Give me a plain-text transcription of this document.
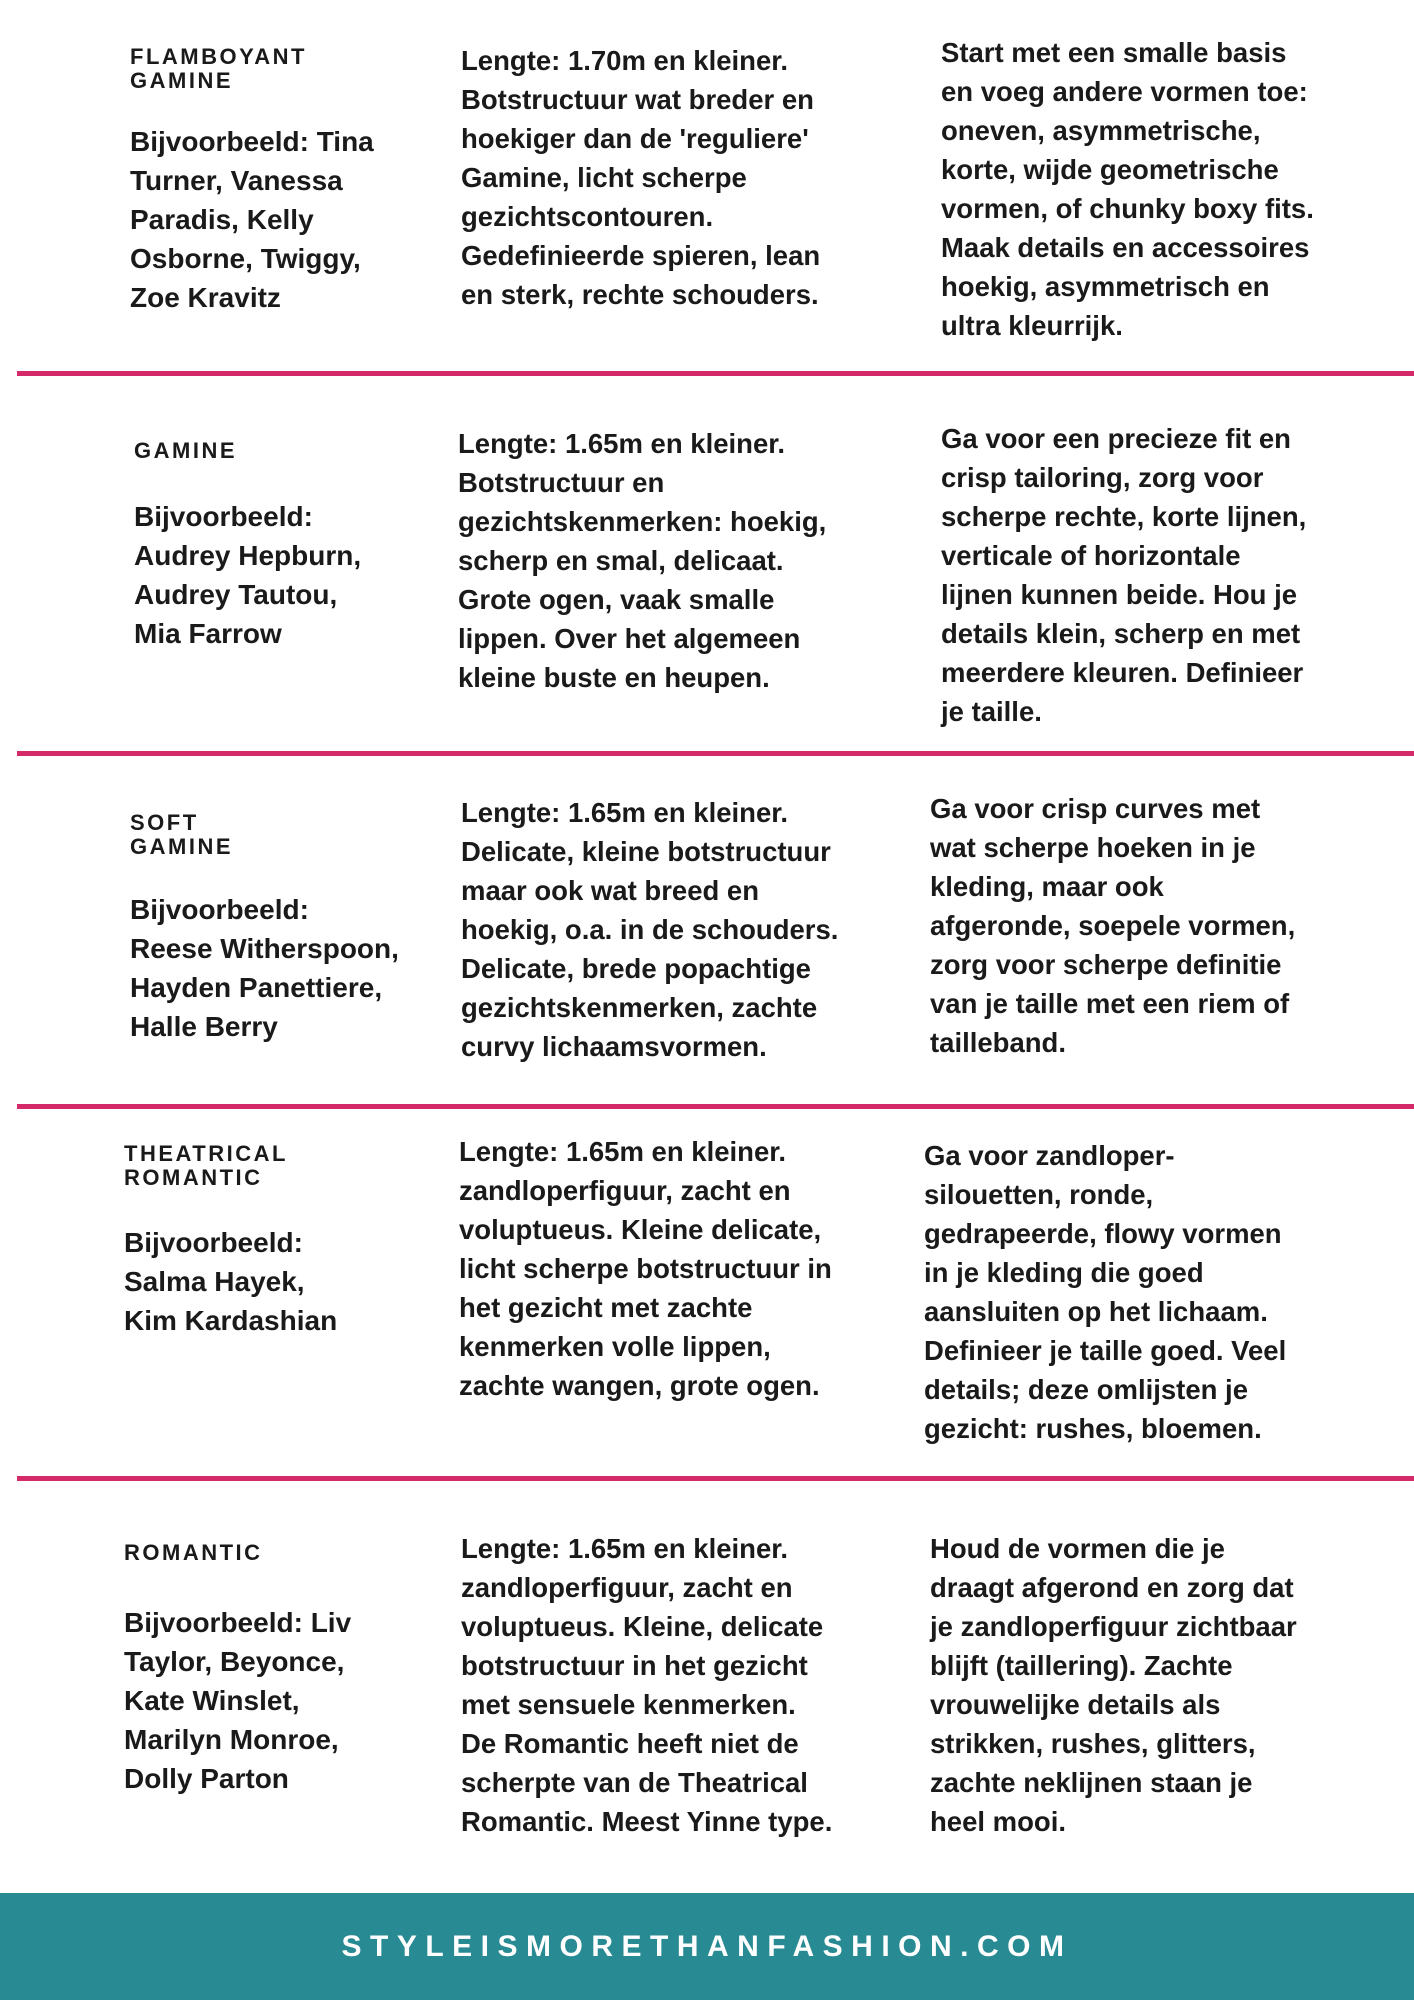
FLAMBOYANT
GAMINE

Bijvoorbeeld: Tina
Turner, Vanessa
Paradis, Kelly
Osborne, Twiggy,
Zoe Kravitz

Lengte: 1.70m en kleiner.
Botstructuur wat breder en
hoekiger dan de 'reguliere'
Gamine, licht scherpe
gezichtscontouren.
Gedefinieerde spieren, lean
en sterk, rechte schouders.

Start met een smalle basis
en voeg andere vormen toe:
oneven, asymmetrische,
korte, wijde geometrische
vormen, of chunky boxy fits.
Maak details en accessoires
hoekig, asymmetrisch en
ultra kleurrijk.

GAMINE

Bijvoorbeeld:
Audrey Hepburn,
Audrey Tautou,
Mia Farrow

Lengte: 1.65m en kleiner.
Botstructuur en
gezichtskenmerken: hoekig,
scherp en smal, delicaat.
Grote ogen, vaak smalle
lippen. Over het algemeen
kleine buste en heupen.

Ga voor een precieze fit en
crisp tailoring, zorg voor
scherpe rechte, korte lijnen,
verticale of horizontale
lijnen kunnen beide. Hou je
details klein, scherp en met
meerdere kleuren. Definieer
je taille.

SOFT
GAMINE

Bijvoorbeeld:
Reese Witherspoon,
Hayden Panettiere,
Halle Berry

Lengte: 1.65m en kleiner.
Delicate, kleine botstructuur
maar ook wat breed en
hoekig, o.a. in de schouders.
Delicate, brede popachtige
gezichtskenmerken, zachte
curvy lichaamsvormen.

Ga voor crisp curves met
wat scherpe hoeken in je
kleding, maar ook
afgeronde, soepele vormen,
zorg voor scherpe definitie
van je taille met een riem of
tailleband.

THEATRICAL
ROMANTIC

Bijvoorbeeld:
Salma Hayek,
Kim Kardashian

Lengte: 1.65m en kleiner.
zandloperfiguur, zacht en
voluptueus. Kleine delicate,
licht scherpe botstructuur in
het gezicht met zachte
kenmerken volle lippen,
zachte wangen, grote ogen.

Ga voor zandloper-
silouetten, ronde,
gedrapeerde, flowy vormen
in je kleding die goed
aansluiten op het lichaam.
Definieer je taille goed. Veel
details; deze omlijsten je
gezicht: rushes, bloemen.

ROMANTIC

Bijvoorbeeld: Liv
Taylor, Beyonce,
Kate Winslet,
Marilyn Monroe,
Dolly Parton

Lengte: 1.65m en kleiner.
zandloperfiguur, zacht en
voluptueus. Kleine, delicate
botstructuur in het gezicht
met sensuele kenmerken.
De Romantic heeft niet de
scherpte van de Theatrical
Romantic. Meest Yinne type.

Houd de vormen die je
draagt afgerond en zorg dat
je zandloperfiguur zichtbaar
blijft (taillering). Zachte
vrouwelijke details als
strikken, rushes, glitters,
zachte neklijnen staan je
heel mooi.

STYLEISMORETHANFASHION.COM
